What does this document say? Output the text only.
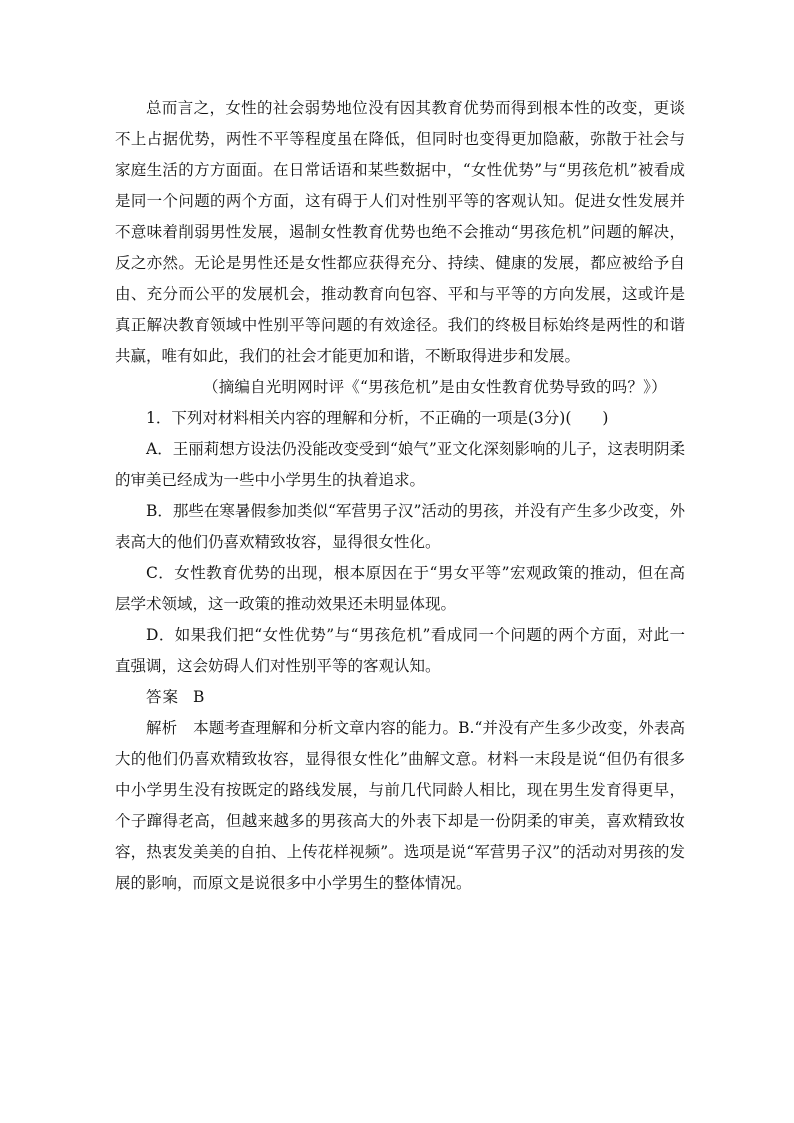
总而言之，女性的社会弱势地位没有因其教育优势而得到根本性的改变，更谈不上占据优势，两性不平等程度虽在降低，但同时也变得更加隐蔽，弥散于社会与家庭生活的方方面面。在日常话语和某些数据中，“女性优势”与“男孩危机”被看成是同一个问题的两个方面，这有碍于人们对性别平等的客观认知。促进女性发展并不意味着削弱男性发展，遏制女性教育优势也绝不会推动“男孩危机”问题的解决，反之亦然。无论是男性还是女性都应获得充分、持续、健康的发展，都应被给予自由、充分而公平的发展机会，推动教育向包容、平和与平等的方向发展，这或许是真正解决教育领域中性别平等问题的有效途径。我们的终极目标始终是两性的和谐共赢，唯有如此，我们的社会才能更加和谐，不断取得进步和发展。

（摘编自光明网时评《“男孩危机”是由女性教育优势导致的吗？》）

1．下列对材料相关内容的理解和分析，不正确的一项是(3分)(　　)

A．王丽莉想方设法仍没能改变受到“娘气”亚文化深刻影响的儿子，这表明阴柔的审美已经成为一些中小学男生的执着追求。

B．那些在寒暑假参加类似“军营男子汉”活动的男孩，并没有产生多少改变，外表高大的他们仍喜欢精致妆容，显得很女性化。

C．女性教育优势的出现，根本原因在于“男女平等”宏观政策的推动，但在高层学术领域，这一政策的推动效果还未明显体现。

D．如果我们把“女性优势”与“男孩危机”看成同一个问题的两个方面，对此一直强调，这会妨碍人们对性别平等的客观认知。

答案 B

解析 本题考查理解和分析文章内容的能力。B.“并没有产生多少改变，外表高大的他们仍喜欢精致妆容，显得很女性化”曲解文意。材料一末段是说“但仍有很多中小学男生没有按既定的路线发展，与前几代同龄人相比，现在男生发育得更早，个子蹿得老高，但越来越多的男孩高大的外表下却是一份阴柔的审美，喜欢精致妆容，热衷发美美的自拍、上传花样视频”。选项是说“军营男子汉”的活动对男孩的发展的影响，而原文是说很多中小学男生的整体情况。
